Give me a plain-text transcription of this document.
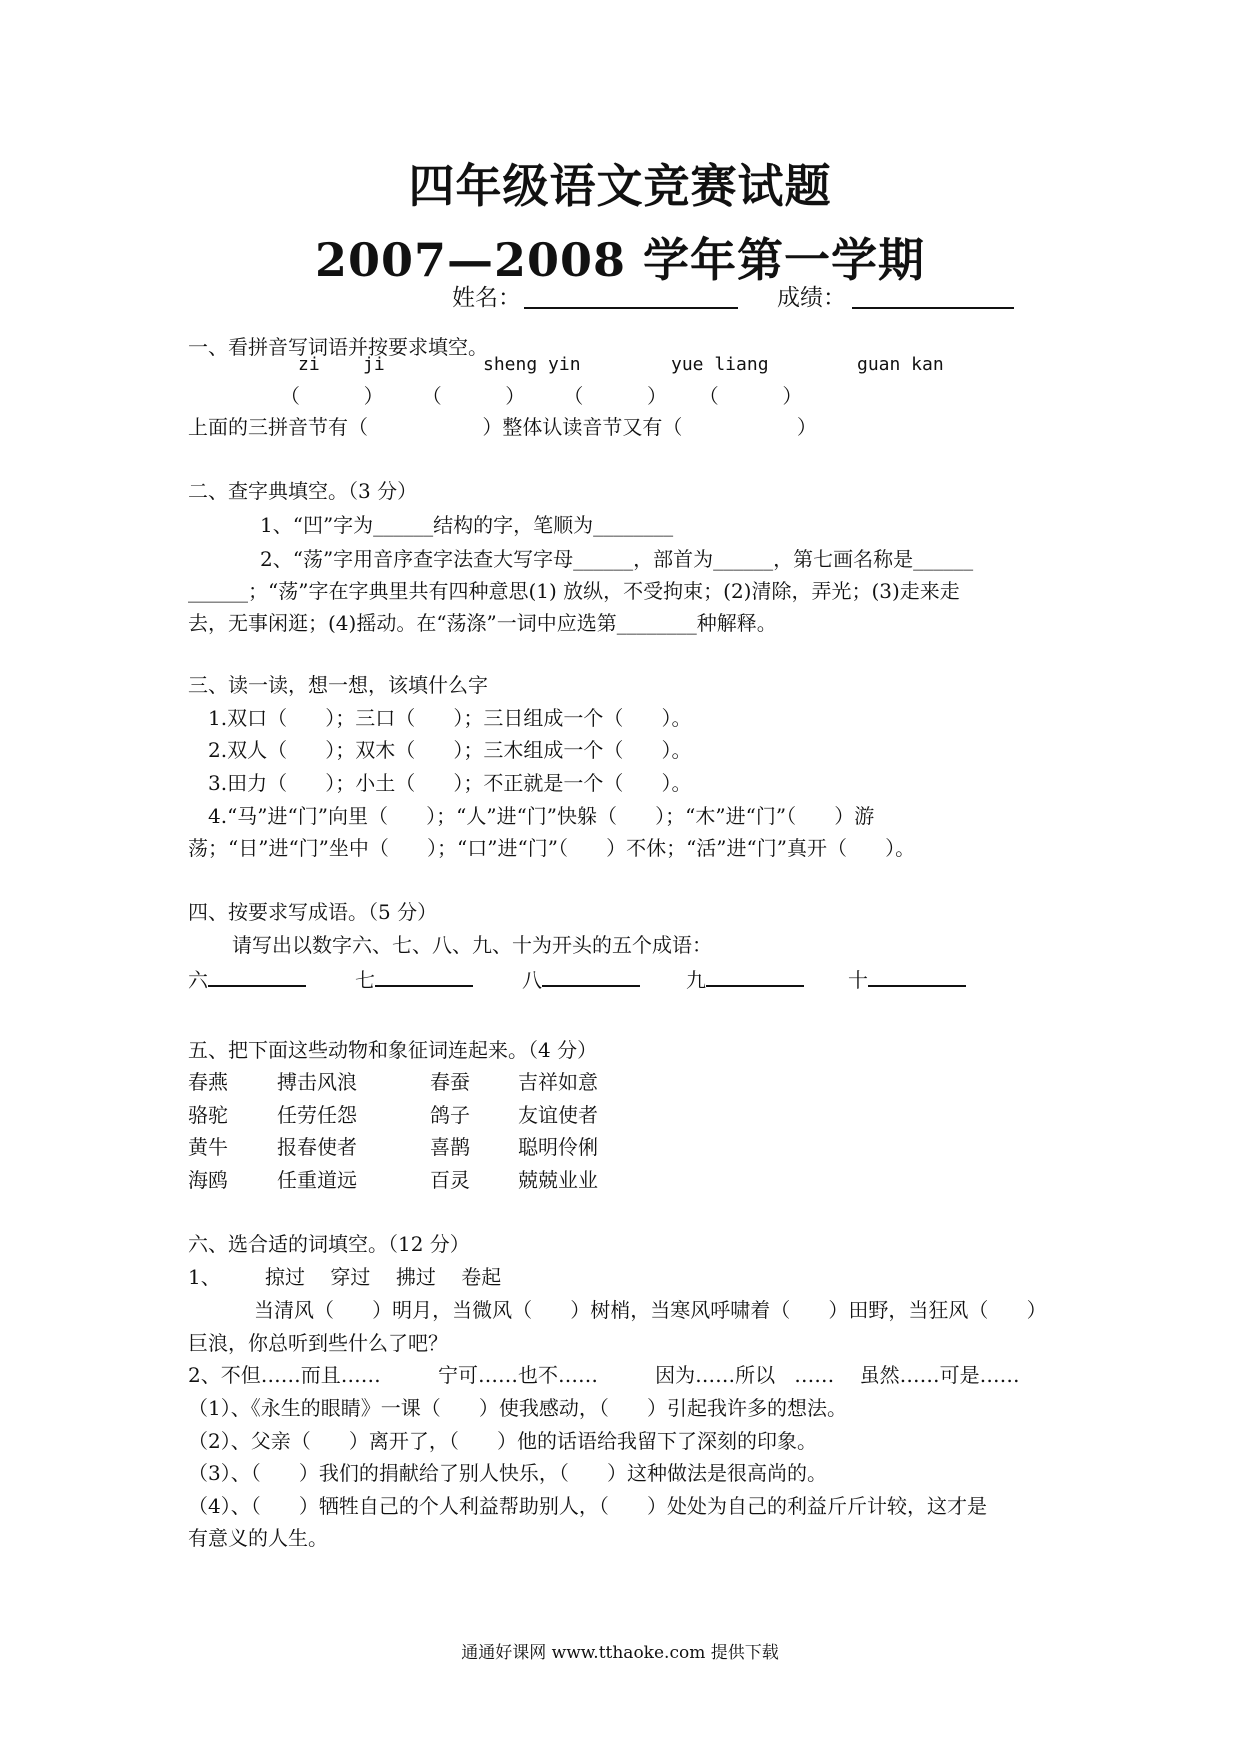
四年级语文竞赛试题
2007—2008 学年第一学期
姓名：	成绩：
一、看拼音写词语并按要求填空。
zi    ji	sheng yin	yue liang	guan kan
（          ）      （          ）      （          ）     （          ）
上面的三拼音节有（                  ）整体认读音节又有（                  ）
二、查字典填空。（3 分）
1、“凹”字为______结构的字，笔顺为________
2、“荡”字用音序查字法查大写字母______，部首为______，第七画名称是______
______；“荡”字在字典里共有四种意思(1) 放纵，不受拘束；(2)清除，弄光；(3)走来走
去，无事闲逛；(4)摇动。在“荡涤”一词中应选第________种解释。
三、读一读，想一想，该填什么字
1.双口（      ）；三口（      ）；三日组成一个（      ）。
2.双人（      ）；双木（      ）；三木组成一个（      ）。
3.田力（      ）；小土（      ）；不正就是一个（      ）。
4.“马”进“门”向里（      ）；“人”进“门”快躲（      ）；“木”进“门”（      ）游
荡；“日”进“门”坐中（      ）；“口”进“门”（      ）不休；“活”进“门”真开（      ）。
四、按要求写成语。（5 分）
请写出以数字六、七、八、九、十为开头的五个成语：
六	七	八	九	十
五、把下面这些动物和象征词连起来。（4 分）
春燕 搏击风浪	春蚕 吉祥如意
骆驼 任劳任怨	鸽子 友谊使者
黄牛 报春使者	喜鹊 聪明伶俐
海鸥 任重道远	百灵 兢兢业业
六、选合适的词填空。（12 分）
1、 掠过    穿过    拂过    卷起
当清风（      ）明月，当微风（      ）树梢，当寒风呼啸着（      ）田野，当狂风（      ）
巨浪，你总听到些什么了吧？
2、不但……而且……         宁可……也不……         因为……所以   ……    虽然……可是……
（1）、《永生的眼睛》一课（      ）使我感动，（      ）引起我许多的想法。
（2）、父亲（      ）离开了，（      ）他的话语给我留下了深刻的印象。
（3）、（      ）我们的捐献给了别人快乐，（      ）这种做法是很高尚的。
（4）、（      ）牺牲自己的个人利益帮助别人，（      ）处处为自己的利益斤斤计较，这才是
有意义的人生。
通通好课网 www.tthaoke.com 提供下载
